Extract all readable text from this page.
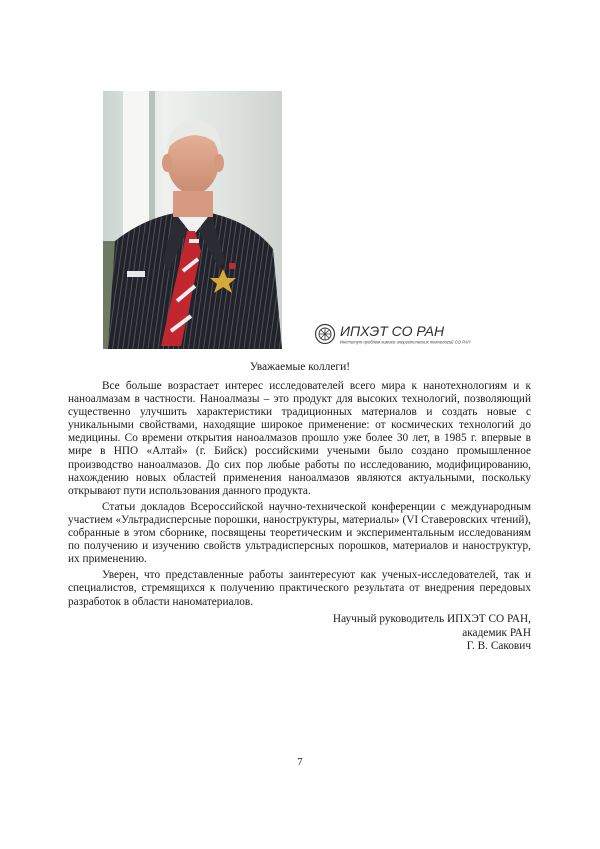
ИПХЭТ СО РАН
Институт проблем химико-энергетических технологий СО РАН
Уважаемые коллеги!

Все больше возрастает интерес исследователей всего мира к нанотехнологиям и к наноалмазам в частности. Наноалмазы – это продукт для высоких технологий, позволяющий существенно улучшить характеристики традиционных материалов и создать новые с уникальными свойствами, находящие широкое применение: от космических технологий до медицины. Со времени открытия наноалмазов прошло уже более 30 лет, в 1985 г. впервые в мире в НПО «Алтай» (г. Бийск) российскими учеными было создано промышленное производство наноалмазов. До сих пор любые работы по исследованию, модифицированию, нахождению новых областей применения наноалмазов являются актуальными, поскольку открывают пути использования данного продукта.

Статьи докладов Всероссийской научно-технической конференции с международным участием «Ультрадисперсные порошки, наноструктуры, материалы» (VI Ставеровских чтений), собранные в этом сборнике, посвящены теоретическим и экспериментальным исследованиям по получению и изучению свойств ультрадисперсных порошков, материалов и наноструктур, их применению.

Уверен, что представленные работы заинтересуют как ученых-исследователей, так и специалистов, стремящихся к получению практического результата от внедрения передовых разработок в области наноматериалов.

Научный руководитель ИПХЭТ СО РАН,
академик РАН
Г. В. Сакович
7
